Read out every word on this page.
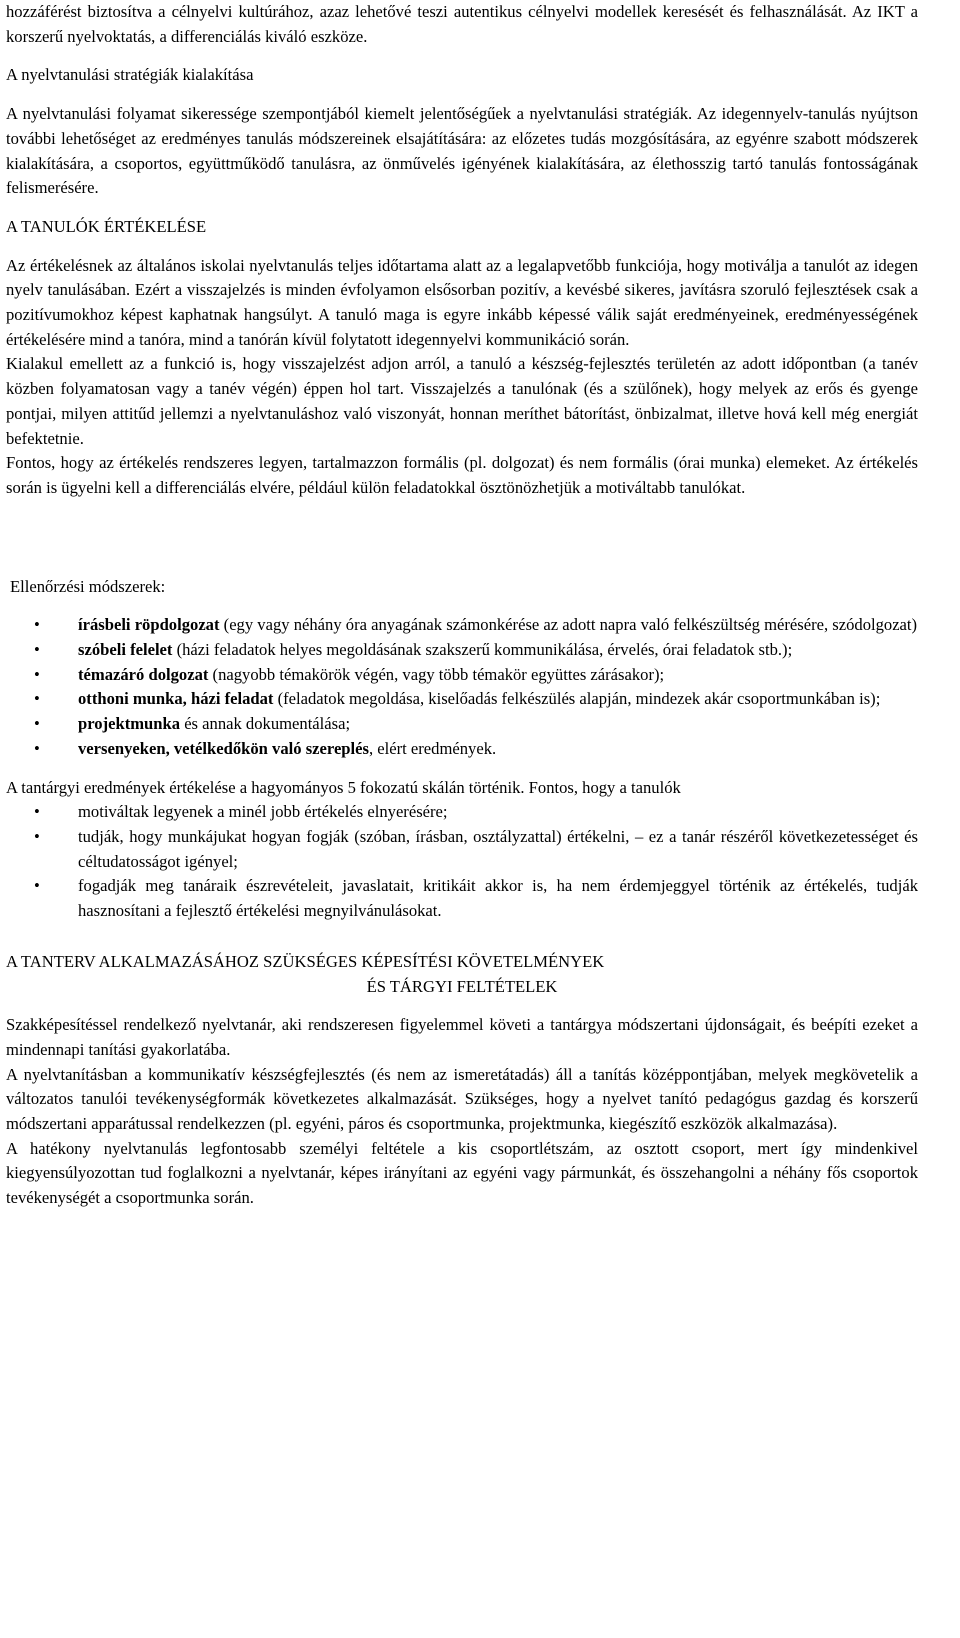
hozzáférést biztosítva a célnyelvi kultúrához, azaz lehetővé teszi autentikus célnyelvi modellek keresését és felhasználását. Az IKT a korszerű nyelvoktatás, a differenciálás kiváló eszköze.

A nyelvtanulási stratégiák kialakítása

A nyelvtanulási folyamat sikeressége szempontjából kiemelt jelentőségűek a nyelvtanulási stratégiák. Az idegennyelv-tanulás nyújtson további lehetőséget az eredményes tanulás módszereinek elsajátítására: az előzetes tudás mozgósítására, az egyénre szabott módszerek kialakítására, a csoportos, együttműködő tanulásra, az önművelés igényének kialakítására, az élethosszig tartó tanulás fontosságának felismerésére.

A TANULÓK ÉRTÉKELÉSE

Az értékelésnek az általános iskolai nyelvtanulás teljes időtartama alatt az a legalapvetőbb funkciója, hogy motiválja a tanulót az idegen nyelv tanulásában. Ezért a visszajelzés is minden évfolyamon elsősorban pozitív, a kevésbé sikeres, javításra szoruló fejlesztések csak a pozitívumokhoz képest kaphatnak hangsúlyt. A tanuló maga is egyre inkább képessé válik saját eredményeinek, eredményességének értékelésére mind a tanóra, mind a tanórán kívül folytatott idegennyelvi kommunikáció során.

Kialakul emellett az a funkció is, hogy visszajelzést adjon arról, a tanuló a készség-fejlesztés területén az adott időpontban (a tanév közben folyamatosan vagy a tanév végén) éppen hol tart. Visszajelzés a tanulónak (és a szülőnek), hogy melyek az erős és gyenge pontjai, milyen attitűd jellemzi a nyelvtanuláshoz való viszonyát, honnan meríthet bátorítást, önbizalmat, illetve hová kell még energiát befektetnie.

Fontos, hogy az értékelés rendszeres legyen, tartalmazzon formális (pl. dolgozat) és nem formális (órai munka) elemeket. Az értékelés során is ügyelni kell a differenciálás elvére, például külön feladatokkal ösztönözhetjük a motiváltabb tanulókat.

Ellenőrzési módszerek:

• írásbeli röpdolgozat (egy vagy néhány óra anyagának számonkérése az adott napra való felkészültség mérésére, szódolgozat)
• szóbeli felelet (házi feladatok helyes megoldásának szakszerű kommunikálása, érvelés, órai feladatok stb.);
• témazáró dolgozat (nagyobb témakörök végén, vagy több témakör együttes zárásakor);
• otthoni munka, házi feladat (feladatok megoldása, kiselőadás felkészülés alapján, mindezek akár csoportmunkában is);
• projektmunka és annak dokumentálása;
• versenyeken, vetélkedőkön való szereplés, elért eredmények.

A tantárgyi eredmények értékelése a hagyományos 5 fokozatú skálán történik. Fontos, hogy a tanulók

• motiváltak legyenek a minél jobb értékelés elnyerésére;
• tudják, hogy munkájukat hogyan fogják (szóban, írásban, osztályzattal) értékelni, – ez a tanár részéről következetességet és céltudatosságot igényel;
• fogadják meg tanáraik észrevételeit, javaslatait, kritikáit akkor is, ha nem érdemjeggyel történik az értékelés, tudják hasznosítani a fejlesztő értékelési megnyilvánulásokat.

A TANTERV ALKALMAZÁSÁHOZ SZÜKSÉGES KÉPESÍTÉSI KÖVETELMÉNYEK

ÉS TÁRGYI FELTÉTELEK

Szakképesítéssel rendelkező nyelvtanár, aki rendszeresen figyelemmel követi a tantárgya módszertani újdonságait, és beépíti ezeket a mindennapi tanítási gyakorlatába.

A nyelvtanításban a kommunikatív készségfejlesztés (és nem az ismeretátadás) áll a tanítás középpontjában, melyek megkövetelik a változatos tanulói tevékenységformák következetes alkalmazását. Szükséges, hogy a nyelvet tanító pedagógus gazdag és korszerű módszertani apparátussal rendelkezzen (pl. egyéni, páros és csoportmunka, projektmunka, kiegészítő eszközök alkalmazása).

A hatékony nyelvtanulás legfontosabb személyi feltétele a kis csoportlétszám, az osztott csoport, mert így mindenkivel kiegyensúlyozottan tud foglalkozni a nyelvtanár, képes irányítani az egyéni vagy pármunkát, és összehangolni a néhány fős csoportok tevékenységét a csoportmunka során.
